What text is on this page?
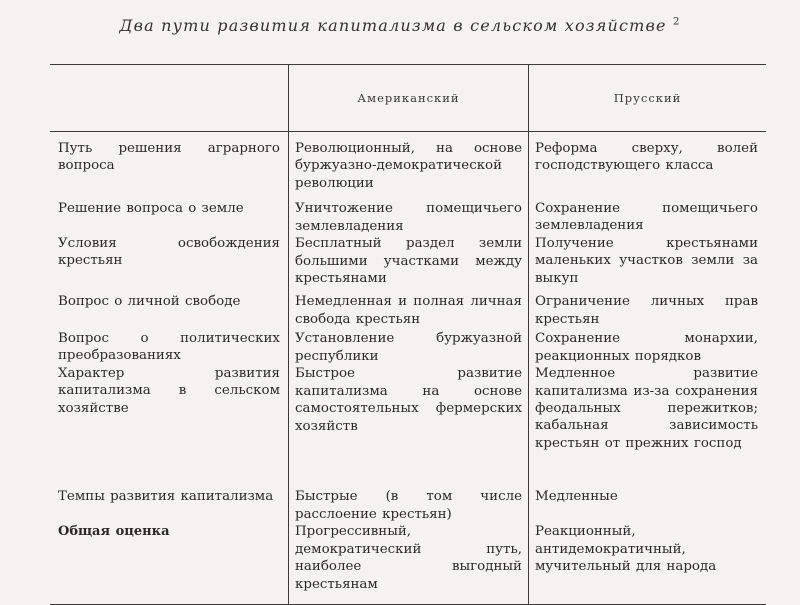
Два пути развития капитализма в сельском хозяйстве $^2$
Американский	Прусский
Путь решения аграрного вопроса
Решение вопроса о земле
Условия освобождения крестьян
Вопрос о личной свободе
Вопрос о политических преобразованиях
Характер развития капитализма в сельском хозяйстве
Темпы развития капитализма
Общая оценка
Революционный, на основе буржуазно-демократической революции
Уничтожение помещичьего землевладения
Бесплатный раздел земли большими участками между крестьянами
Немедленная и полная личная свобода крестьян
Установление буржуазной республики
Быстрое развитие капитализма на основе самостоятельных фермерских хозяйств
Быстрые (в том числе расслоение крестьян)
Прогрессивный, демократический путь, наиболее выгодный крестьянам
Реформа сверху, волей господствующего класса
Сохранение помещичьего землевладения
Получение крестьянами маленьких участков земли за выкуп
Ограничение личных прав крестьян
Сохранение монархии, реакционных порядков
Медленное развитие капитализма из-за сохранения феодальных пережитков; кабальная зависимость крестьян от прежних господ
Медленные
Реакционный, антидемократичный, мучительный для народа
